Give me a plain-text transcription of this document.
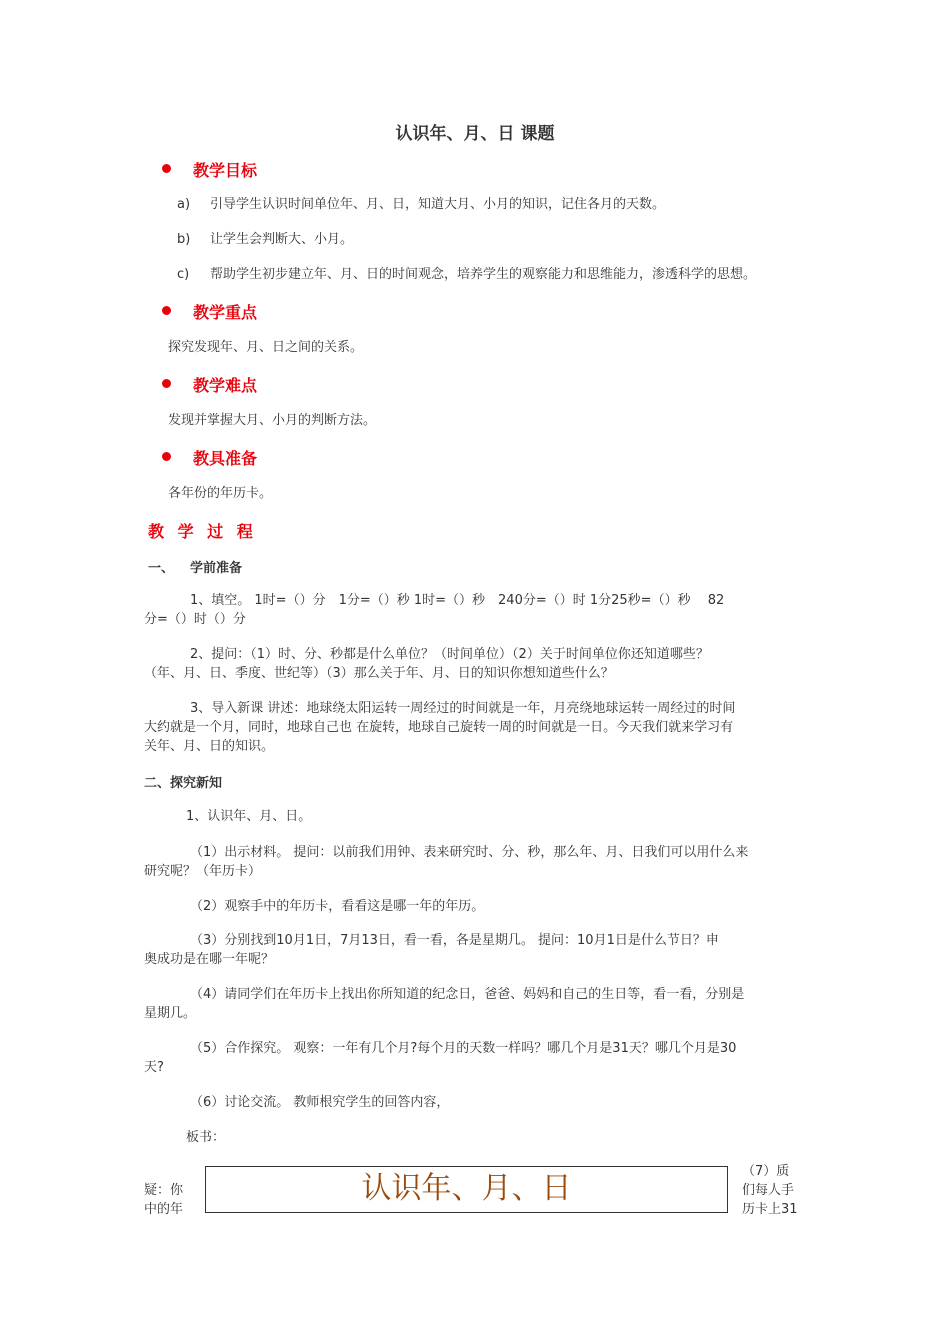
认识年、月、日 课题
教学目标
a) 引导学生认识时间单位年、月、日，知道大月、小月的知识，记住各月的天数。
b) 让学生会判断大、小月。
c) 帮助学生初步建立年、月、日的时间观念，培养学生的观察能力和思维能力，渗透科学的思想。
教学重点
探究发现年、月、日之间的关系。
教学难点
发现并掌握大月、小月的判断方法。
教具准备
各年份的年历卡。
教 学 过 程
一、 学前准备
1、填空。 1时=（）分　1分=（）秒 1时=（）秒　240分=（）时 1分25秒=（）秒　 82
分=（）时（）分
2、提问：（1）时、分、秒都是什么单位？（时间单位）（2）关于时间单位你还知道哪些？
（年、月、日、季度、世纪等）（3）那么关于年、月、日的知识你想知道些什么？
3、导入新课 讲述：地球绕太阳运转一周经过的时间就是一年，月亮绕地球运转一周经过的时间
大约就是一个月，同时，地球自己也 在旋转，地球自己旋转一周的时间就是一日。今天我们就来学习有
关年、月、日的知识。
二、探究新知
1、认识年、月、日。
（1）出示材料。 提问：以前我们用钟、表来研究时、分、秒，那么年、月、日我们可以用什么来
研究呢？（年历卡）
（2）观察手中的年历卡，看看这是哪一年的年历。
（3）分别找到10月1日，7月13日，看一看，各是星期几。 提问：10月1日是什么节日？申
奥成功是在哪一年呢？
（4）请同学们在年历卡上找出你所知道的纪念日，爸爸、妈妈和自己的生日等，看一看，分别是
星期几。
（5）合作探究。 观察：一年有几个月?每个月的天数一样吗？哪几个月是31天？哪几个月是30
天?
（6）讨论交流。 教师根究学生的回答内容，
板书：
疑：你
中的年
认识年、月、日	（7）质
们每人手
历卡上31
